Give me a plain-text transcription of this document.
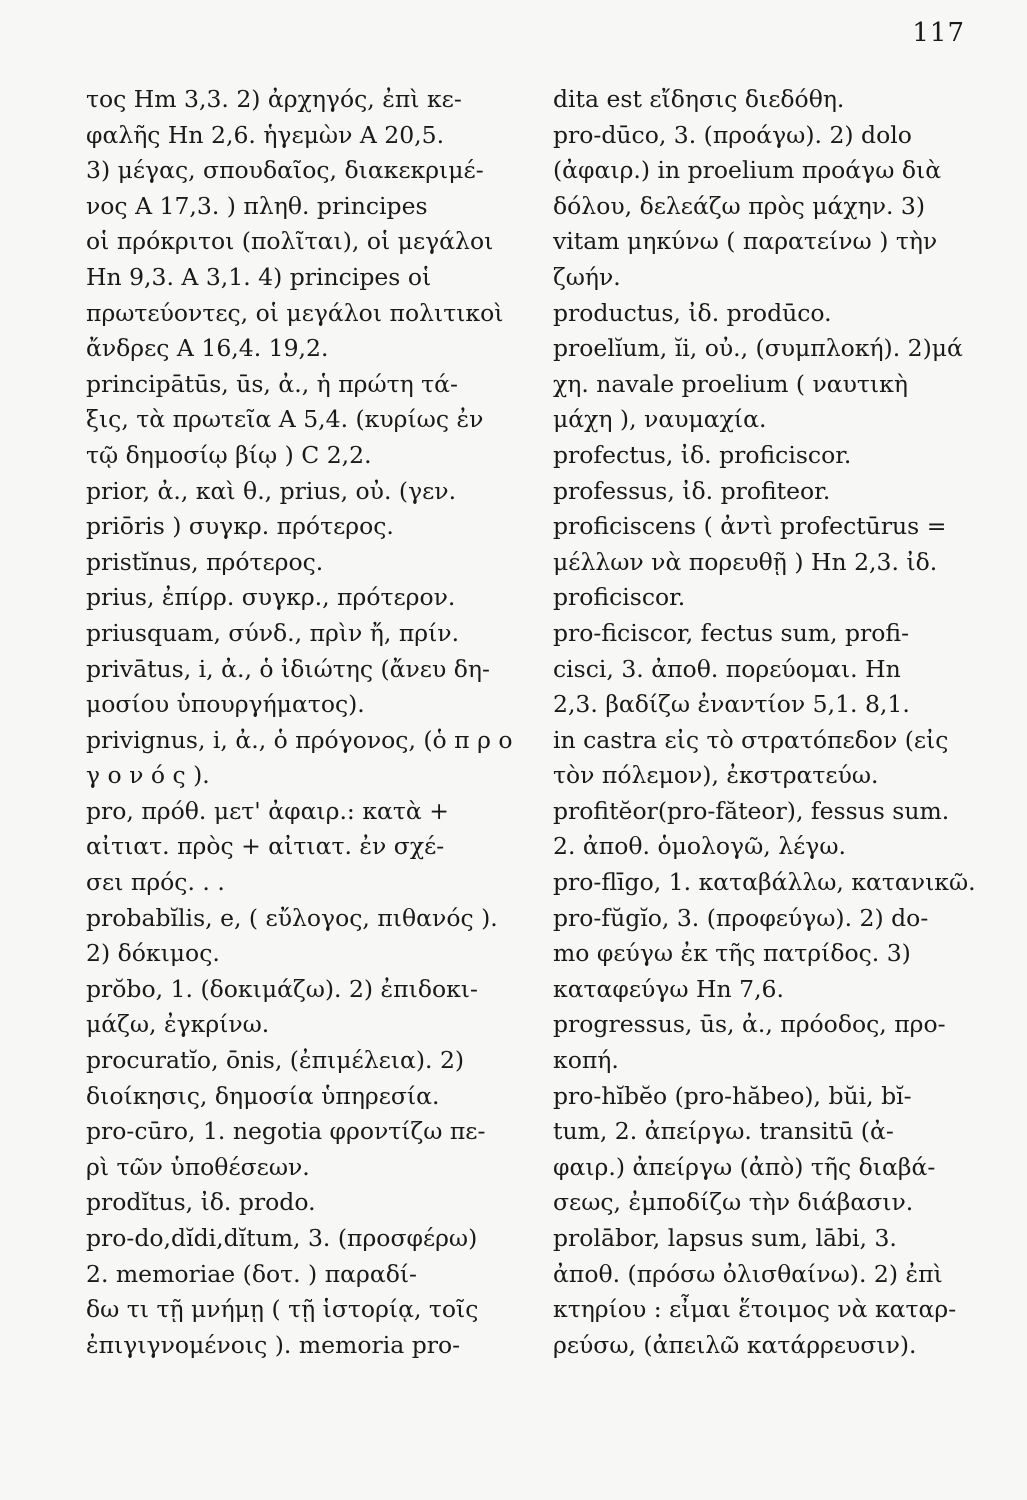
117
τος Hm 3,3. 2) ἀρχηγός, ἐπὶ κε-
φαλῆς Hn 2,6. ἡγεμὼν A 20,5.
3) μέγας, σπουδαῖος, διακεκριμέ-
νος A 17,3. ) πληθ. principes
οἱ πρόκριτοι (πολῖται), οἱ μεγάλοι
Hn 9,3. A 3,1. 4) principes οἱ
πρωτεύοντες, οἱ μεγάλοι πολιτικοὶ
ἄνδρες A 16,4. 19,2.
principātūs, ūs, ἀ., ἡ πρώτη τά-
ξις, τὰ πρωτεῖα A 5,4. (κυρίως ἐν
τῷ δημοσίῳ βίῳ ) C 2,2.
prior, ἀ., καὶ θ., prius, οὐ. (γεν.
priōris ) συγκρ. πρότερος.
pristĭnus, πρότερος.
prius, ἐπίρρ. συγκρ., πρότερον.
priusquam, σύνδ., πρὶν ἤ, πρίν.
privātus, i, ἀ., ὁ ἰδιώτης (ἄνευ δη-
μοσίου ὑπουργήματος).
privignus, i, ἀ., ὁ πρόγονος, (ὁ π ρ ο
γ ο ν ό ς ).
pro, πρόθ. μετ' ἀφαιρ.: κατὰ +
αἰτιατ. πρὸς + αἰτιατ. ἐν σχέ-
σει πρός. . .
probabĭlis, e, ( εὔλογος, πιθανός ).
2) δόκιμος.
prŏbo, 1. (δοκιμάζω). 2) ἐπιδοκι-
μάζω, ἐγκρίνω.
procuratĭo, ōnis, (ἐπιμέλεια). 2)
διοίκησις, δημοσία ὑπηρεσία.
pro-cūro, 1. negotia φροντίζω πε-
ρὶ τῶν ὑποθέσεων.
prodĭtus, ἰδ. prodo.
pro-do,dĭdi,dĭtum, 3. (προσφέρω)
2. memoriae (δοτ. ) παραδί-
δω τι τῇ μνήμῃ ( τῇ ἱστορίᾳ, τοῖς
ἐπιγιγνομένοις ). memoria pro-
dita est εἴδησις διεδόθη.
pro-dūco, 3. (προάγω). 2) dolo
(ἀφαιρ.) in proelium προάγω διὰ
δόλου, δελεάζω πρὸς μάχην. 3)
vitam μηκύνω ( παρατείνω ) τὴν
ζωήν.
productus, ἰδ. prodūco.
proelĭum, ĭi, οὐ., (συμπλοκή). 2)μά
χη. navale proelium ( ναυτικὴ
μάχη ), ναυμαχία.
profectus, ἰδ. proficiscor.
professus, ἰδ. profiteor.
proficiscens ( ἀντὶ profectūrus =
μέλλων νὰ πορευθῇ ) Hn 2,3. ἰδ.
proficiscor.
pro-ficiscor, fectus sum, profi-
cisci, 3. ἀποθ. πορεύομαι. Hn
2,3. βαδίζω ἐναντίον 5,1. 8,1.
in castra εἰς τὸ στρατόπεδον (εἰς
τὸν πόλεμον), ἐκστρατεύω.
profitĕor(pro-fătеor), fessus sum.
2. ἀποθ. ὁμολογῶ, λέγω.
pro-flīgo, 1. καταβάλλω, κατανικῶ.
pro-fŭgĭo, 3. (προφεύγω). 2) do-
mo φεύγω ἐκ τῆς πατρίδος. 3)
καταφεύγω Hn 7,6.
progressus, ūs, ἀ., πρόοδος, προ-
κοπή.
pro-hĭbĕo (pro-hăbeo), bŭi, bĭ-
tum, 2. ἀπείργω. transitū (ἀ-
φαιρ.) ἀπείργω (ἀπὸ) τῆς διαβά-
σεως, ἐμποδίζω τὴν διάβασιν.
prolābor, lapsus sum, lābi, 3.
ἀποθ. (πρόσω ὀλισθαίνω). 2) ἐπὶ
κτηρίου : εἶμαι ἕτοιμος νὰ καταρ-
ρεύσω, (ἀπειλῶ κατάρρευσιν).
